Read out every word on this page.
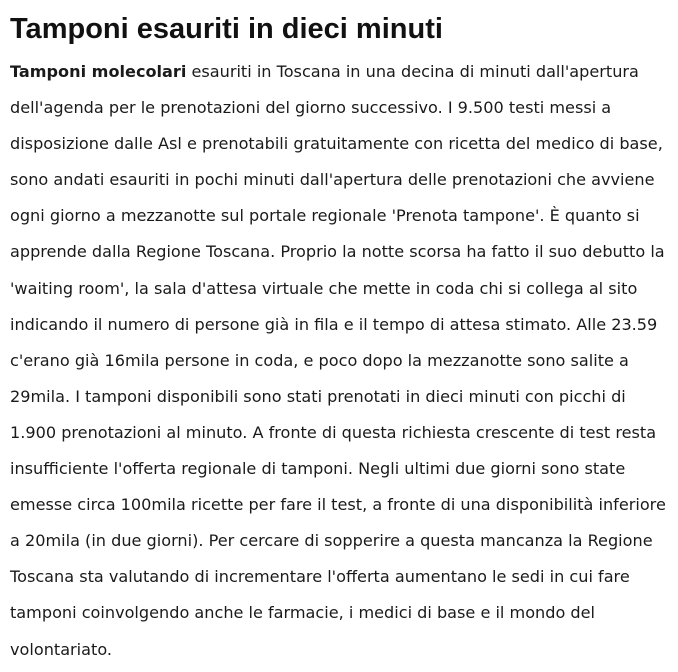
Tamponi esauriti in dieci minuti

Tamponi molecolari esauriti in Toscana in una decina di minuti dall'apertura dell'agenda per le prenotazioni del giorno successivo. I 9.500 testi messi a disposizione dalle Asl e prenotabili gratuitamente con ricetta del medico di base, sono andati esauriti in pochi minuti dall'apertura delle prenotazioni che avviene ogni giorno a mezzanotte sul portale regionale 'Prenota tampone'. È quanto si apprende dalla Regione Toscana. Proprio la notte scorsa ha fatto il suo debutto la 'waiting room', la sala d'attesa virtuale che mette in coda chi si collega al sito indicando il numero di persone già in fila e il tempo di attesa stimato. Alle 23.59 c'erano già 16mila persone in coda, e poco dopo la mezzanotte sono salite a 29mila. I tamponi disponibili sono stati prenotati in dieci minuti con picchi di 1.900 prenotazioni al minuto. A fronte di questa richiesta crescente di test resta insufficiente l'offerta regionale di tamponi. Negli ultimi due giorni sono state emesse circa 100mila ricette per fare il test, a fronte di una disponibilità inferiore a 20mila (in due giorni). Per cercare di sopperire a questa mancanza la Regione Toscana sta valutando di incrementare l'offerta aumentano le sedi in cui fare tamponi coinvolgendo anche le farmacie, i medici di base e il mondo del volontariato.
